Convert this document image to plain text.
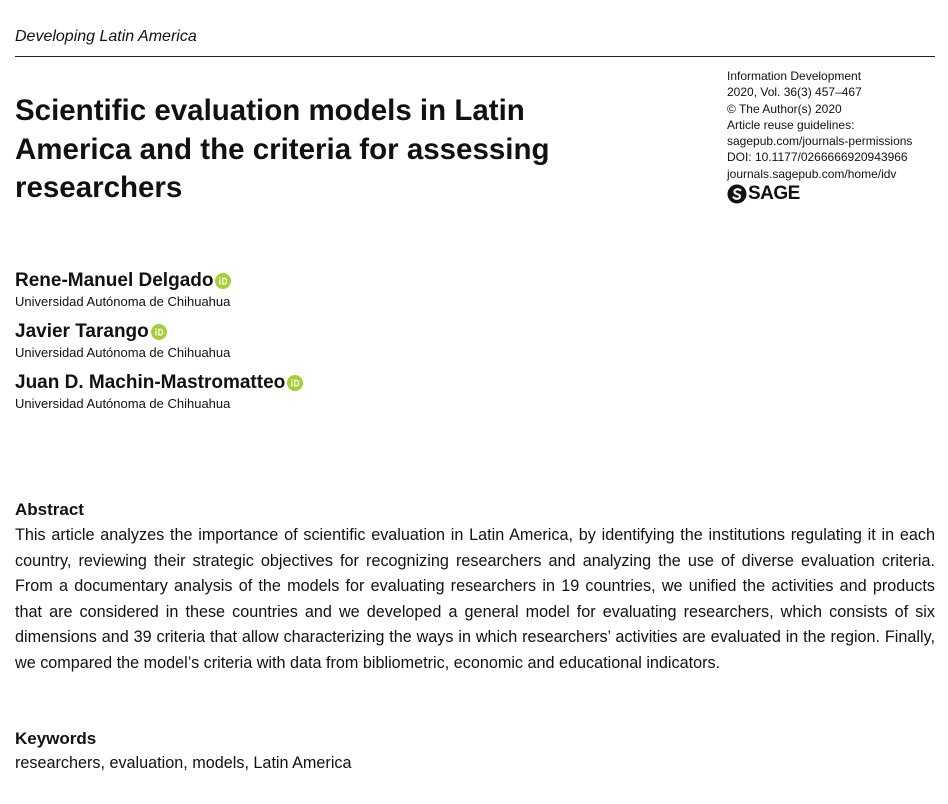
Developing Latin America
Information Development
2020, Vol. 36(3) 457–467
© The Author(s) 2020
Article reuse guidelines:
sagepub.com/journals-permissions
DOI: 10.1177/0266666920943966
journals.sagepub.com/home/idv
SAGE
Scientific evaluation models in Latin America and the criteria for assessing researchers
Rene-Manuel Delgado
Universidad Autónoma de Chihuahua
Javier Tarango
Universidad Autónoma de Chihuahua
Juan D. Machin-Mastromatteo
Universidad Autónoma de Chihuahua
Abstract
This article analyzes the importance of scientific evaluation in Latin America, by identifying the institutions regulating it in each country, reviewing their strategic objectives for recognizing researchers and analyzing the use of diverse evaluation criteria. From a documentary analysis of the models for evaluating researchers in 19 countries, we unified the activities and products that are considered in these countries and we developed a general model for evaluating researchers, which consists of six dimensions and 39 criteria that allow characterizing the ways in which researchers’ activities are evaluated in the region. Finally, we compared the model’s criteria with data from bibliometric, economic and educational indicators.
Keywords
researchers, evaluation, models, Latin America
